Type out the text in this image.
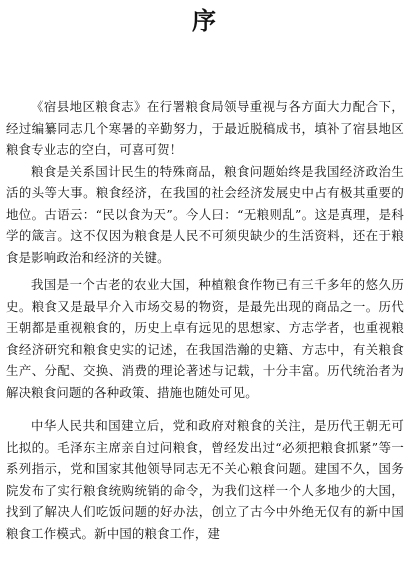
序

《宿县地区粮食志》在行署粮食局领导重视与各方面大力配合下，经过编纂同志几个寒暑的辛勤努力，于最近脱稿成书，填补了宿县地区粮食专业志的空白，可喜可贺！

粮食是关系国计民生的特殊商品，粮食问题始终是我国经济政治生活的头等大事。粮食经济，在我国的社会经济发展史中占有极其重要的地位。古语云：“民以食为天”。今人曰：“无粮则乱”。这是真理，是科学的箴言。这不仅因为粮食是人民不可须臾缺少的生活资料，还在于粮食是影响政治和经济的关键。

我国是一个古老的农业大国，种植粮食作物已有三千多年的悠久历史。粮食又是最早介入市场交易的物资，是最先出现的商品之一。历代王朝都是重视粮食的，历史上卓有远见的思想家、方志学者，也重视粮食经济研究和粮食史实的记述，在我国浩瀚的史籍、方志中，有关粮食生产、分配、交换、消费的理论著述与记载，十分丰富。历代统治者为解决粮食问题的各种政策、措施也随处可见。

中华人民共和国建立后，党和政府对粮食的关注，是历代王朝无可比拟的。毛泽东主席亲自过问粮食，曾经发出过“必须把粮食抓紧”等一系列指示，党和国家其他领导同志无不关心粮食问题。建国不久，国务院发布了实行粮食统购统销的命令，为我们这样一个人多地少的大国，找到了解决人们吃饭问题的好办法，创立了古今中外绝无仅有的新中国粮食工作模式。新中国的粮食工作，建
